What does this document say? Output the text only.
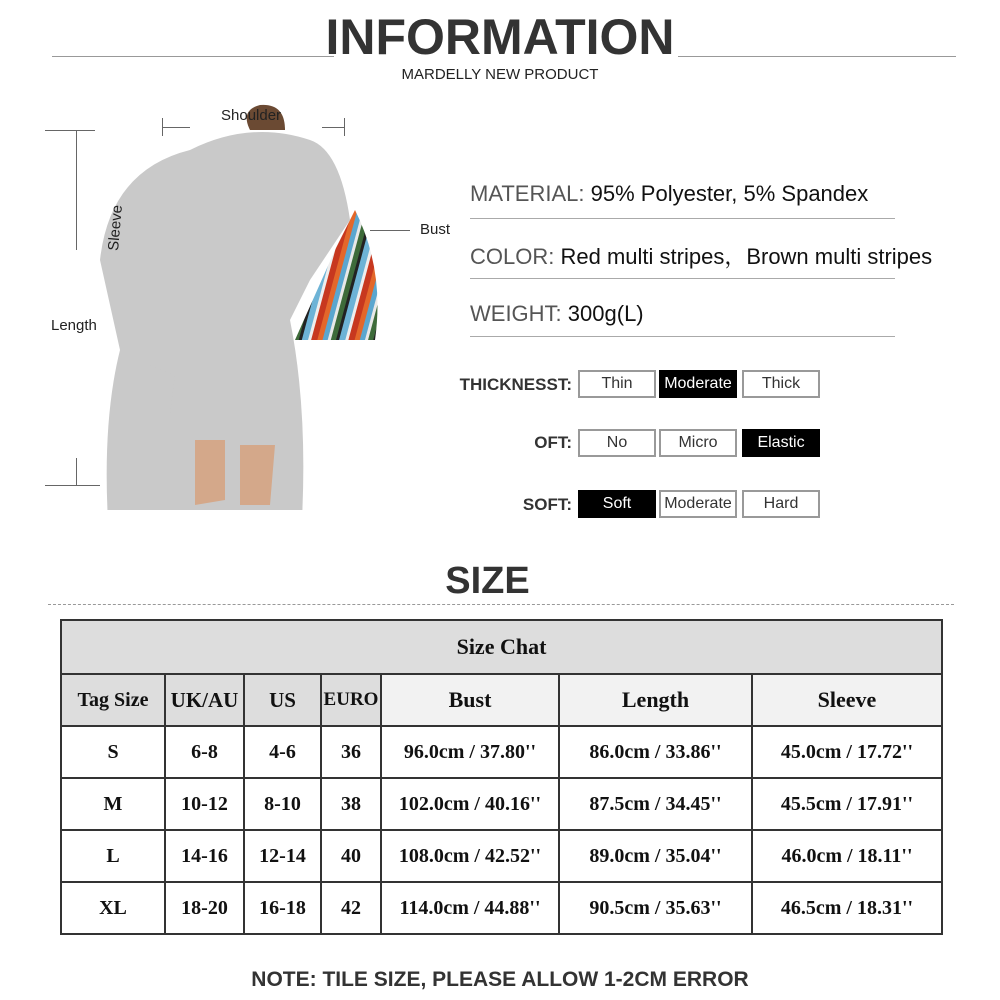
INFORMATION
MARDELLY NEW PRODUCT
Shoulder
Bust
Sleeve
Length
MATERIAL: 95% Polyester, 5% Spandex
COLOR: Red multi stripes，Brown multi stripes
WEIGHT: 300g(L)
THICKNESST:	Thin	Moderate	Thick
OFT:	No	Micro	Elastic
SOFT:	Soft	Moderate	Hard
SIZE
Size Chat						
Tag Size	UK/AU	US	EURO	Bust	Length	Sleeve
S	6-8	4-6	36	96.0cm / 37.80''	86.0cm / 33.86''	45.0cm / 17.72''
M	10-12	8-10	38	102.0cm / 40.16''	87.5cm / 34.45''	45.5cm / 17.91''
L	14-16	12-14	40	108.0cm / 42.52''	89.0cm / 35.04''	46.0cm / 18.11''
XL	18-20	16-18	42	114.0cm / 44.88''	90.5cm / 35.63''	46.5cm / 18.31''
NOTE: TILE SIZE, PLEASE ALLOW 1-2CM ERROR
